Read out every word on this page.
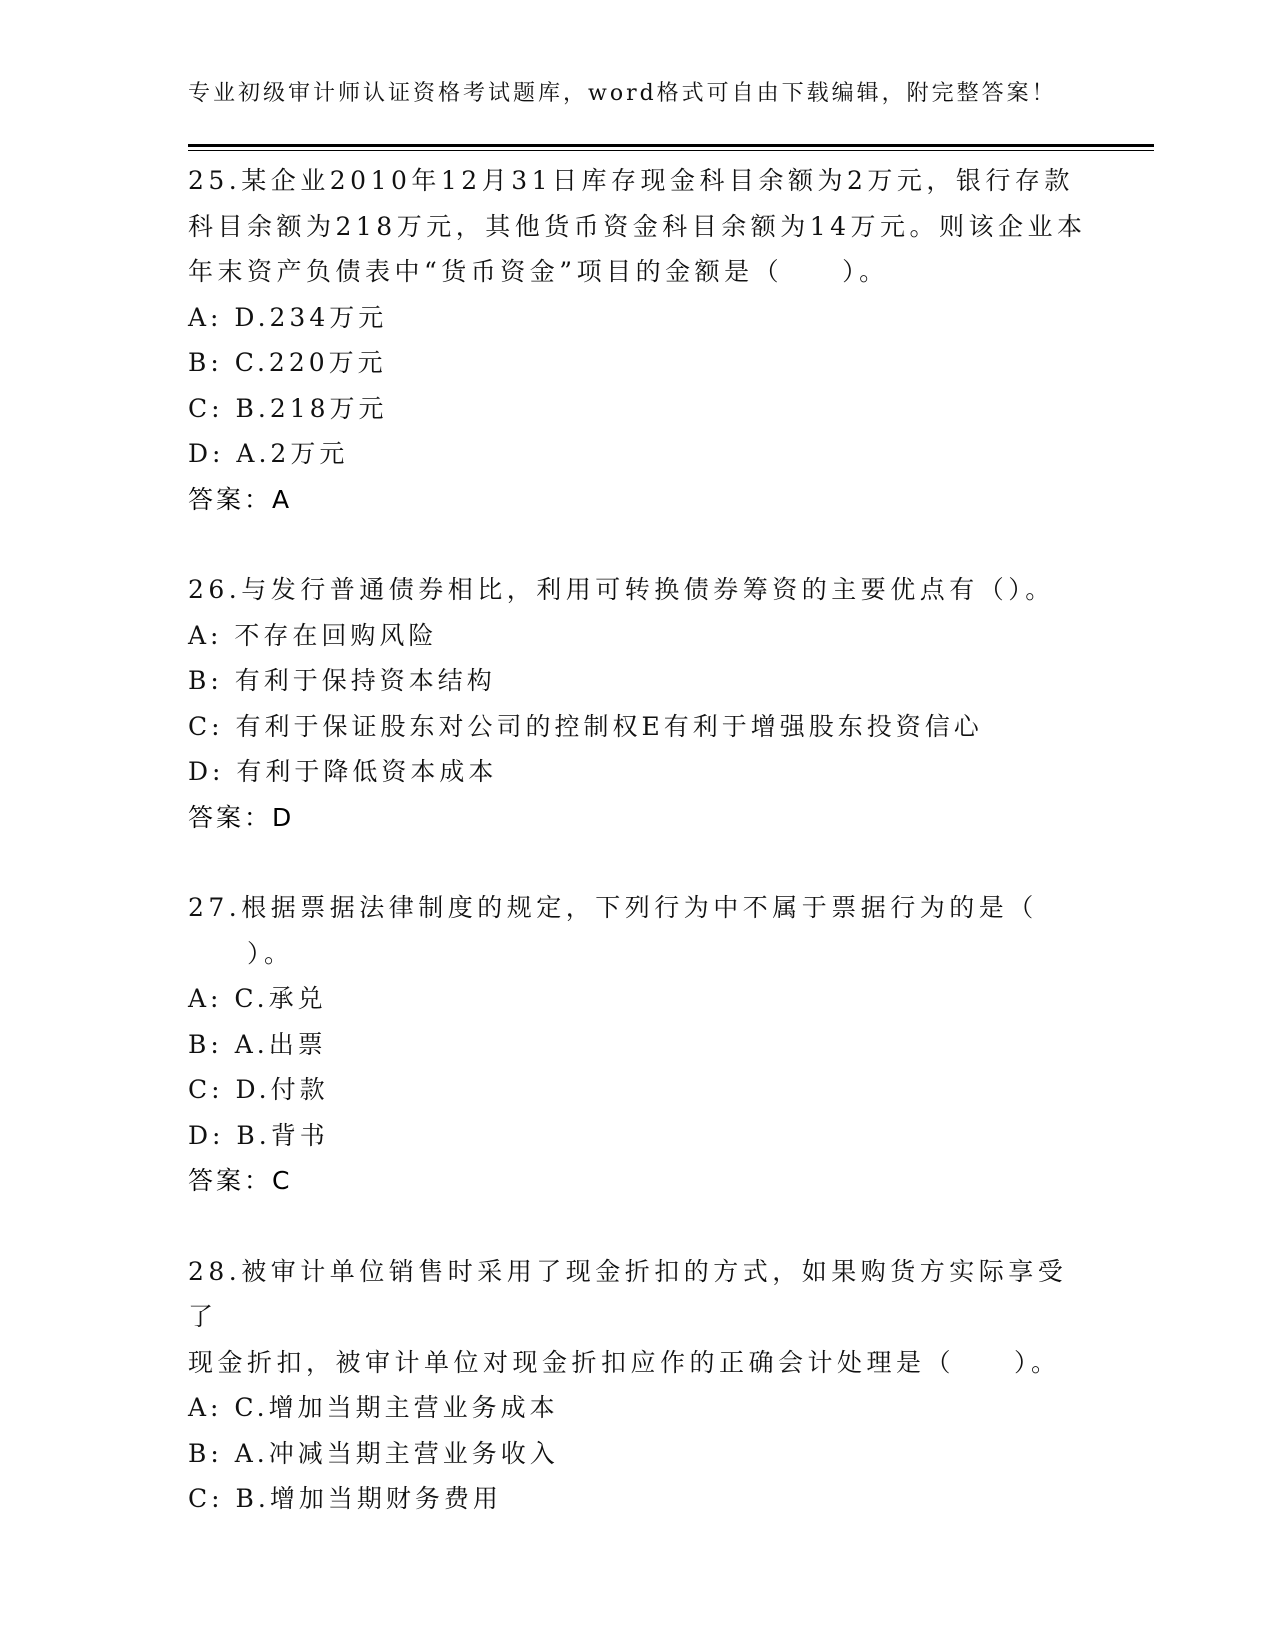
专业初级审计师认证资格考试题库，word格式可自由下载编辑，附完整答案！

25.某企业2010年12月31日库存现金科目余额为2万元，银行存款

科目余额为218万元，其他货币资金科目余额为14万元。则该企业本

年末资产负债表中“货币资金”项目的金额是（　　）。

A: D.234万元
B: C.220万元
C: B.218万元
D: A.2万元
答案：A

26.与发行普通债券相比，利用可转换债券筹资的主要优点有（）。

A: 不存在回购风险
B: 有利于保持资本结构
C: 有利于保证股东对公司的控制权E有利于增强股东投资信心
D: 有利于降低资本成本
答案：D

27.根据票据法律制度的规定，下列行为中不属于票据行为的是（

　　）。

A: C.承兑
B: A.出票
C: D.付款
D: B.背书
答案：C

28.被审计单位销售时采用了现金折扣的方式，如果购货方实际享受了

现金折扣，被审计单位对现金折扣应作的正确会计处理是（　　）。

A: C.增加当期主营业务成本
B: A.冲减当期主营业务收入
C: B.增加当期财务费用
